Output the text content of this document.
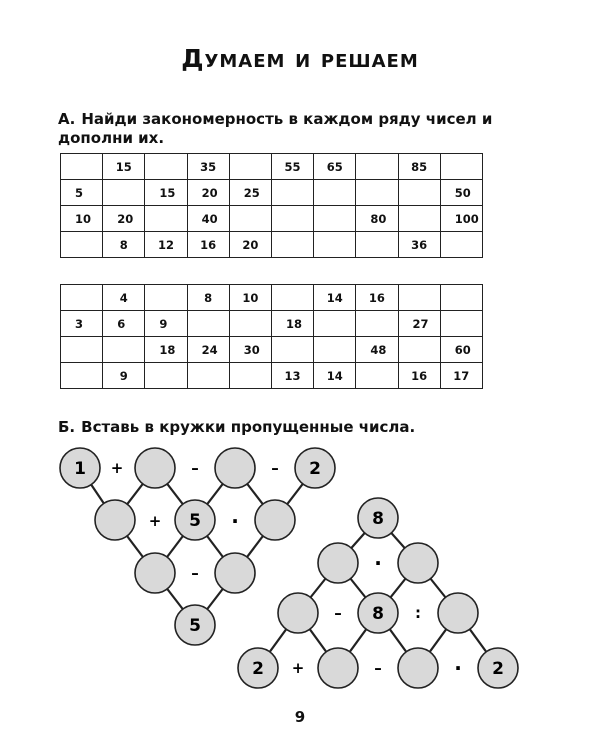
Думаем и решаем
А. Найди закономерность в каждом ряду чисел и дополни их.

	15		35		55	65		85	

5		15	20	25					50

10	20		40				80		100

	8	12	16	20				36	

	4		8	10		14	16		

3	6	9			18			27	

		18	24	30			48		60

	9				13	14		16	17
Б. Вставь в кружки пропущенные числа.
1	2
5
5
+	–	–
+	·
–
8
8
2	2
·
–	:
+	–	·
9
